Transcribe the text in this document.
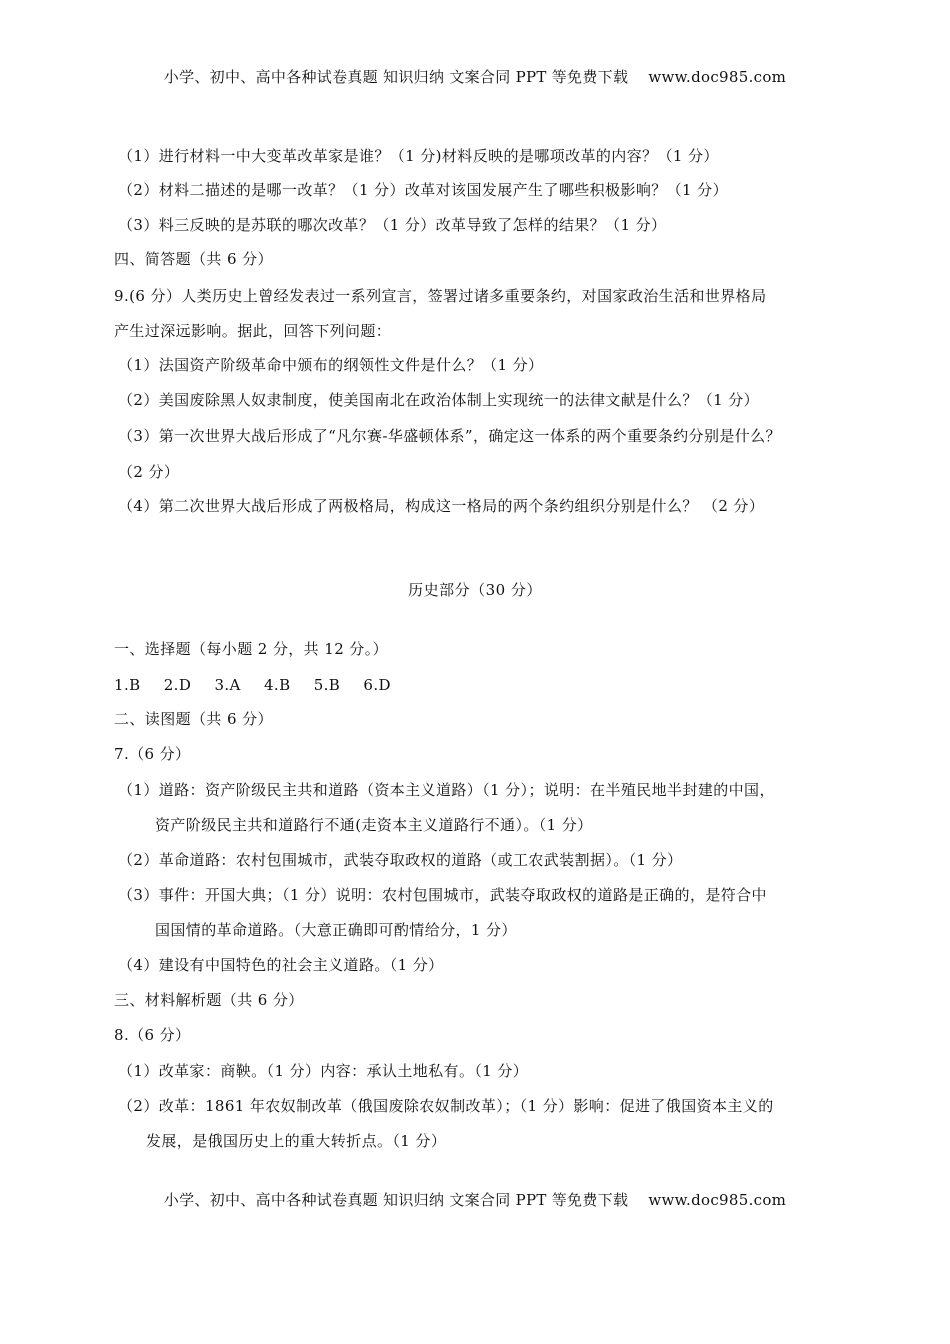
小学、初中、高中各种试卷真题 知识归纳 文案合同 PPT 等免费下载 www.doc985.com
（1）进行材料一中大变革改革家是谁？（1 分)材料反映的是哪项改革的内容？（1 分）
（2）材料二描述的是哪一改革？（1 分）改革对该国发展产生了哪些积极影响？（1 分）
（3）料三反映的是苏联的哪次改革？（1 分）改革导致了怎样的结果？（1 分）
四、简答题（共 6 分）
9.(6 分）人类历史上曾经发表过一系列宣言，签署过诸多重要条约，对国家政治生活和世界格局
产生过深远影响。据此，回答下列问题：
（1）法国资产阶级革命中颁布的纲领性文件是什么？（1 分）
（2）美国废除黑人奴隶制度，使美国南北在政治体制上实现统一的法律文献是什么？（1 分）
（3）第一次世界大战后形成了“凡尔赛-华盛顿体系”，确定这一体系的两个重要条约分别是什么？
（2 分）
（4）第二次世界大战后形成了两极格局，构成这一格局的两个条约组织分别是什么？ （2 分）
历史部分（30 分）
一、选择题（每小题 2 分，共 12 分。）
1.B 2.D 3.A 4.B 5.B 6.D
二、读图题（共 6 分）
7.（6 分）
（1）道路：资产阶级民主共和道路（资本主义道路）（1 分）；说明：在半殖民地半封建的中国，
资产阶级民主共和道路行不通(走资本主义道路行不通）。（1 分）
（2）革命道路：农村包围城市，武装夺取政权的道路（或工农武装割据）。（1 分）
（3）事件：开国大典；（1 分）说明：农村包围城市，武装夺取政权的道路是正确的，是符合中
国国情的革命道路。（大意正确即可酌情给分，1 分）
（4）建设有中国特色的社会主义道路。（1 分）
三、材料解析题（共 6 分）
8.（6 分）
（1）改革家：商鞅。（1 分）内容：承认土地私有。（1 分）
（2）改革：1861 年农奴制改革（俄国废除农奴制改革）；（1 分）影响：促进了俄国资本主义的
发展，是俄国历史上的重大转折点。（1 分）
小学、初中、高中各种试卷真题 知识归纳 文案合同 PPT 等免费下载 www.doc985.com
